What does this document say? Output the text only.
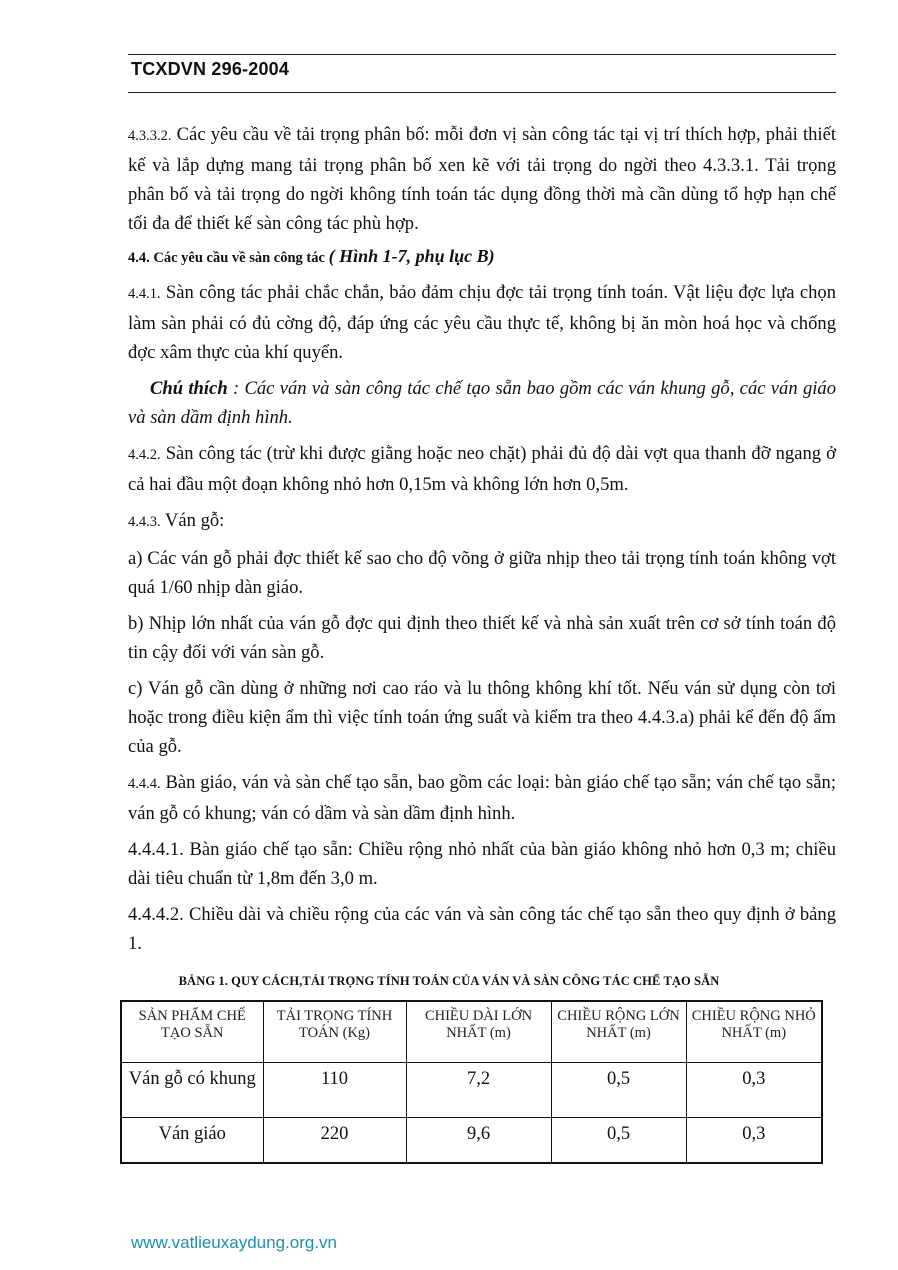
TCXDVN 296-2004

4.3.3.2. Các yêu cầu về tải trọng phân bố: mỗi đơn vị sàn công tác tại vị trí thích hợp, phải thiết kế và lắp dựng mang tải trọng phân bố xen kẽ với tải trọng do ngời theo 4.3.3.1. Tải trọng phân bố và tải trọng do ngời không tính toán tác dụng đồng thời mà cần dùng tổ hợp hạn chế tối đa để thiết kế sàn công tác phù hợp.

4.4. Các yêu cầu về sàn công tác ( Hình 1-7, phụ lục B)

4.4.1. Sàn công tác phải chắc chắn, bảo đảm chịu đợc tải trọng tính toán. Vật liệu đợc lựa chọn làm sàn phải có đủ cờng độ, đáp ứng các yêu cầu thực tế, không bị ăn mòn hoá học và chống đợc xâm thực của khí quyển.

Chú thích : Các ván và sàn công tác chế tạo sẵn bao gồm các ván khung gỗ, các ván giáo và sàn dầm định hình.

4.4.2. Sàn công tác (trừ khi được giằng hoặc neo chặt) phải đủ độ dài vợt qua thanh đỡ ngang ở cả hai đầu một đoạn không nhỏ hơn 0,15m và không lớn hơn 0,5m.

4.4.3. Ván gỗ:

a) Các ván gỗ phải đợc thiết kế sao cho độ võng ở giữa nhịp theo tải trọng tính toán không vợt quá 1/60 nhịp dàn giáo.

b) Nhịp lớn nhất của ván gỗ đợc qui định theo thiết kế và nhà sản xuất trên cơ sở tính toán độ tin cậy đối với ván sàn gỗ.

c) Ván gỗ cần dùng ở những nơi cao ráo và lu thông không khí tốt. Nếu ván sử dụng còn tơi hoặc trong điều kiện ẩm thì việc tính toán ứng suất và kiểm tra theo 4.4.3.a) phải kể đến độ ẩm của gỗ.

4.4.4. Bàn giáo, ván và sàn chế tạo sẵn, bao gồm các loại: bàn giáo chế tạo sẵn; ván chế tạo sẵn; ván gỗ có khung; ván có dầm và sàn dầm định hình.

4.4.4.1. Bàn giáo chế tạo sẵn: Chiều rộng nhỏ nhất của bàn giáo không nhỏ hơn 0,3 m; chiều dài tiêu chuẩn từ 1,8m đến 3,0 m.

4.4.4.2. Chiều dài và chiều rộng của các ván và sàn công tác chế tạo sẵn theo quy định ở bảng 1.

BẢNG 1. QUY CÁCH,TẢI TRỌNG TÍNH TOÁN CỦA VÁN VÀ SÀN CÔNG TÁC CHẾ TẠO SẴN
SẢN PHẨM CHẾ TẠO SẴN	TẢI TRỌNG TÍNH TOÁN (Kg)	CHIỀU DÀI LỚN NHẤT (m)	CHIỀU RỘNG LỚN NHẤT (m)	CHIỀU RỘNG NHỎ NHẤT (m)
Ván gỗ có khung	110	7,2	0,5	0,3
Ván giáo	220	9,6	0,5	0,3
www.vatlieuxaydung.org.vn
